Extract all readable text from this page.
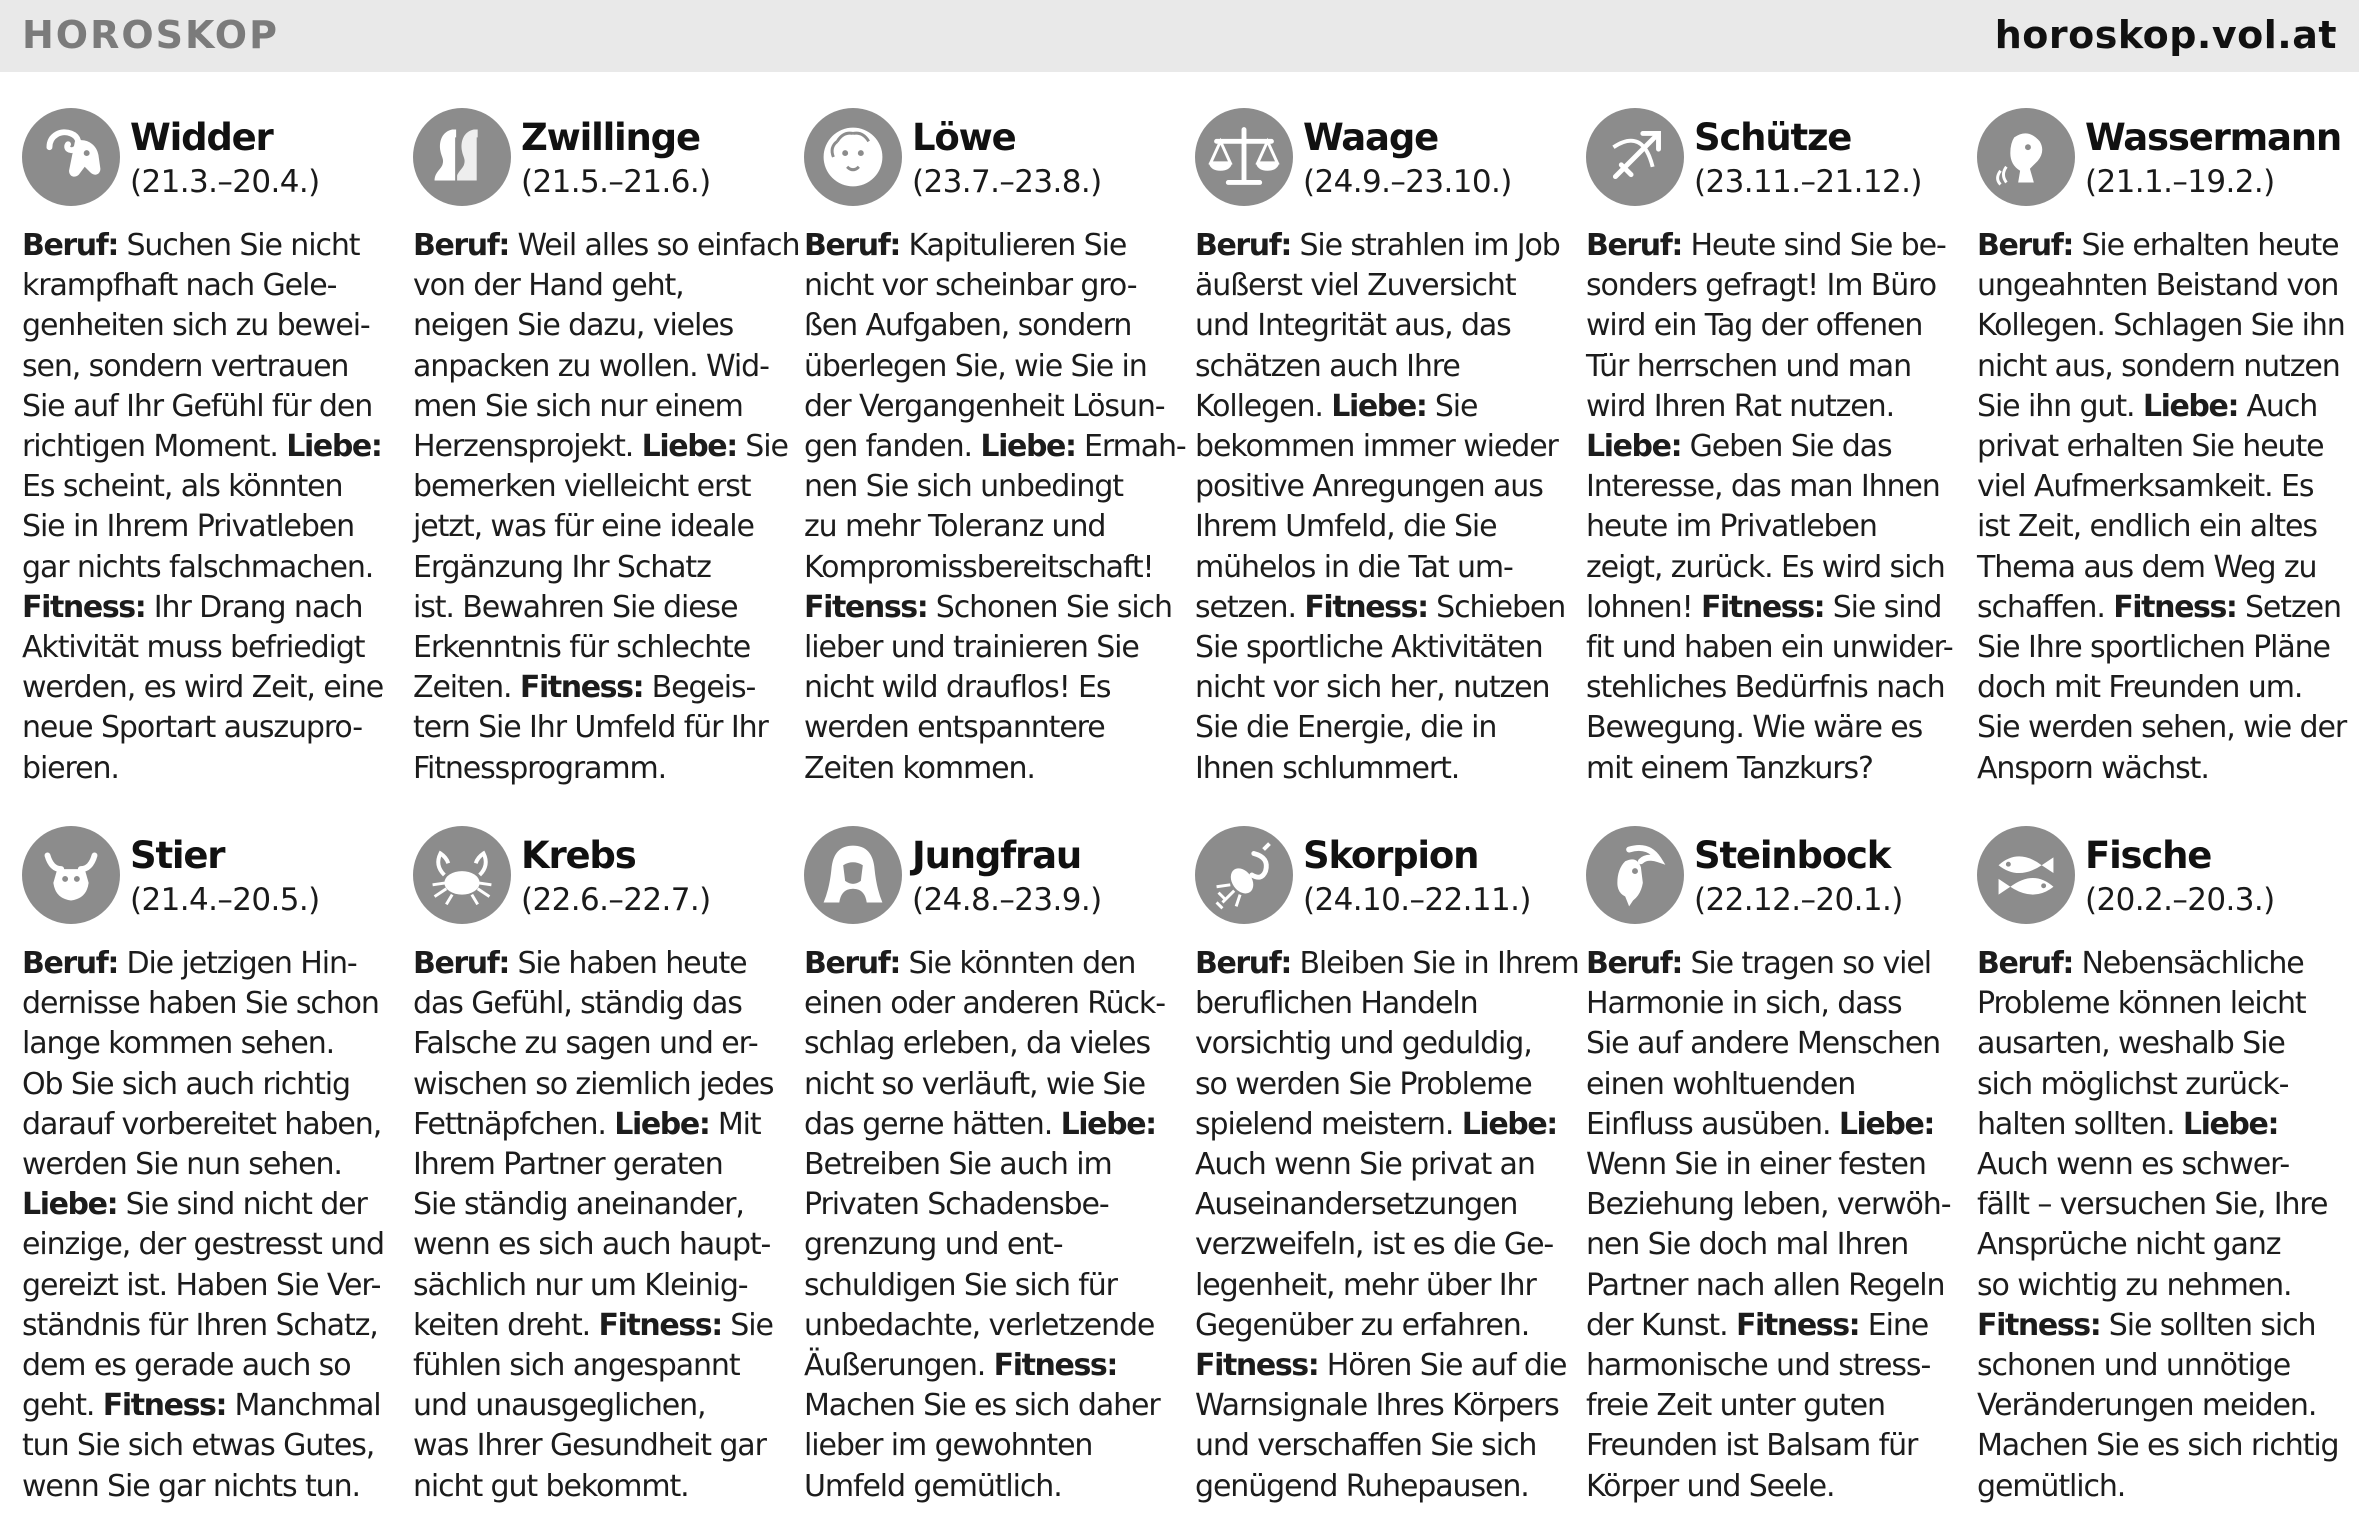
HOROSKOP	horoskop.vol.at
Widder
(21.3.–20.4.)
Beruf: Suchen Sie nicht
krampfhaft nach Gele-
genheiten sich zu bewei-
sen, sondern vertrauen
Sie auf Ihr Gefühl für den
richtigen Moment. Liebe:
Es scheint, als könnten
Sie in Ihrem Privatleben
gar nichts falschmachen.
Fitness: Ihr Drang nach
Aktivität muss befriedigt
werden, es wird Zeit, eine
neue Sportart auszupro-
bieren.
Zwillinge
(21.5.–21.6.)
Beruf: Weil alles so einfach
von der Hand geht,
neigen Sie dazu, vieles
anpacken zu wollen. Wid-
men Sie sich nur einem
Herzensprojekt. Liebe: Sie
bemerken vielleicht erst
jetzt, was für eine ideale
Ergänzung Ihr Schatz
ist. Bewahren Sie diese
Erkenntnis für schlechte
Zeiten. Fitness: Begeis-
tern Sie Ihr Umfeld für Ihr
Fitnessprogramm.
Löwe
(23.7.–23.8.)
Beruf: Kapitulieren Sie
nicht vor scheinbar gro-
ßen Aufgaben, sondern
überlegen Sie, wie Sie in
der Vergangenheit Lösun-
gen fanden. Liebe: Ermah-
nen Sie sich unbedingt
zu mehr Toleranz und
Kompromissbereitschaft!
Fitenss: Schonen Sie sich
lieber und trainieren Sie
nicht wild drauflos! Es
werden entspanntere
Zeiten kommen.
Waage
(24.9.–23.10.)
Beruf: Sie strahlen im Job
äußerst viel Zuversicht
und Integrität aus, das
schätzen auch Ihre
Kollegen. Liebe: Sie
bekommen immer wieder
positive Anregungen aus
Ihrem Umfeld, die Sie
mühelos in die Tat um-
setzen. Fitness: Schieben
Sie sportliche Aktivitäten
nicht vor sich her, nutzen
Sie die Energie, die in
Ihnen schlummert.
Schütze
(23.11.–21.12.)
Beruf: Heute sind Sie be-
sonders gefragt! Im Büro
wird ein Tag der offenen
Tür herrschen und man
wird Ihren Rat nutzen.
Liebe: Geben Sie das
Interesse, das man Ihnen
heute im Privatleben
zeigt, zurück. Es wird sich
lohnen! Fitness: Sie sind
fit und haben ein unwider-
stehliches Bedürfnis nach
Bewegung. Wie wäre es
mit einem Tanzkurs?
Wassermann
(21.1.–19.2.)
Beruf: Sie erhalten heute
ungeahnten Beistand von
Kollegen. Schlagen Sie ihn
nicht aus, sondern nutzen
Sie ihn gut. Liebe: Auch
privat erhalten Sie heute
viel Aufmerksamkeit. Es
ist Zeit, endlich ein altes
Thema aus dem Weg zu
schaffen. Fitness: Setzen
Sie Ihre sportlichen Pläne
doch mit Freunden um.
Sie werden sehen, wie der
Ansporn wächst.
Stier
(21.4.–20.5.)
Beruf: Die jetzigen Hin-
dernisse haben Sie schon
lange kommen sehen.
Ob Sie sich auch richtig
darauf vorbereitet haben,
werden Sie nun sehen.
Liebe: Sie sind nicht der
einzige, der gestresst und
gereizt ist. Haben Sie Ver-
ständnis für Ihren Schatz,
dem es gerade auch so
geht. Fitness: Manchmal
tun Sie sich etwas Gutes,
wenn Sie gar nichts tun.
Krebs
(22.6.–22.7.)
Beruf: Sie haben heute
das Gefühl, ständig das
Falsche zu sagen und er-
wischen so ziemlich jedes
Fettnäpfchen. Liebe: Mit
Ihrem Partner geraten
Sie ständig aneinander,
wenn es sich auch haupt-
sächlich nur um Kleinig-
keiten dreht. Fitness: Sie
fühlen sich angespannt
und unausgeglichen,
was Ihrer Gesundheit gar
nicht gut bekommt.
Jungfrau
(24.8.–23.9.)
Beruf: Sie könnten den
einen oder anderen Rück-
schlag erleben, da vieles
nicht so verläuft, wie Sie
das gerne hätten. Liebe:
Betreiben Sie auch im
Privaten Schadensbe-
grenzung und ent-
schuldigen Sie sich für
unbedachte, verletzende
Äußerungen. Fitness:
Machen Sie es sich daher
lieber im gewohnten
Umfeld gemütlich.
Skorpion
(24.10.–22.11.)
Beruf: Bleiben Sie in Ihrem
beruflichen Handeln
vorsichtig und geduldig,
so werden Sie Probleme
spielend meistern. Liebe:
Auch wenn Sie privat an
Auseinandersetzungen
verzweifeln, ist es die Ge-
legenheit, mehr über Ihr
Gegenüber zu erfahren.
Fitness: Hören Sie auf die
Warnsignale Ihres Körpers
und verschaffen Sie sich
genügend Ruhepausen.
Steinbock
(22.12.–20.1.)
Beruf: Sie tragen so viel
Harmonie in sich, dass
Sie auf andere Menschen
einen wohltuenden
Einfluss ausüben. Liebe:
Wenn Sie in einer festen
Beziehung leben, verwöh-
nen Sie doch mal Ihren
Partner nach allen Regeln
der Kunst. Fitness: Eine
harmonische und stress-
freie Zeit unter guten
Freunden ist Balsam für
Körper und Seele.
Fische
(20.2.–20.3.)
Beruf: Nebensächliche
Probleme können leicht
ausarten, weshalb Sie
sich möglichst zurück-
halten sollten. Liebe:
Auch wenn es schwer-
fällt – versuchen Sie, Ihre
Ansprüche nicht ganz
so wichtig zu nehmen.
Fitness: Sie sollten sich
schonen und unnötige
Veränderungen meiden.
Machen Sie es sich richtig
gemütlich.
